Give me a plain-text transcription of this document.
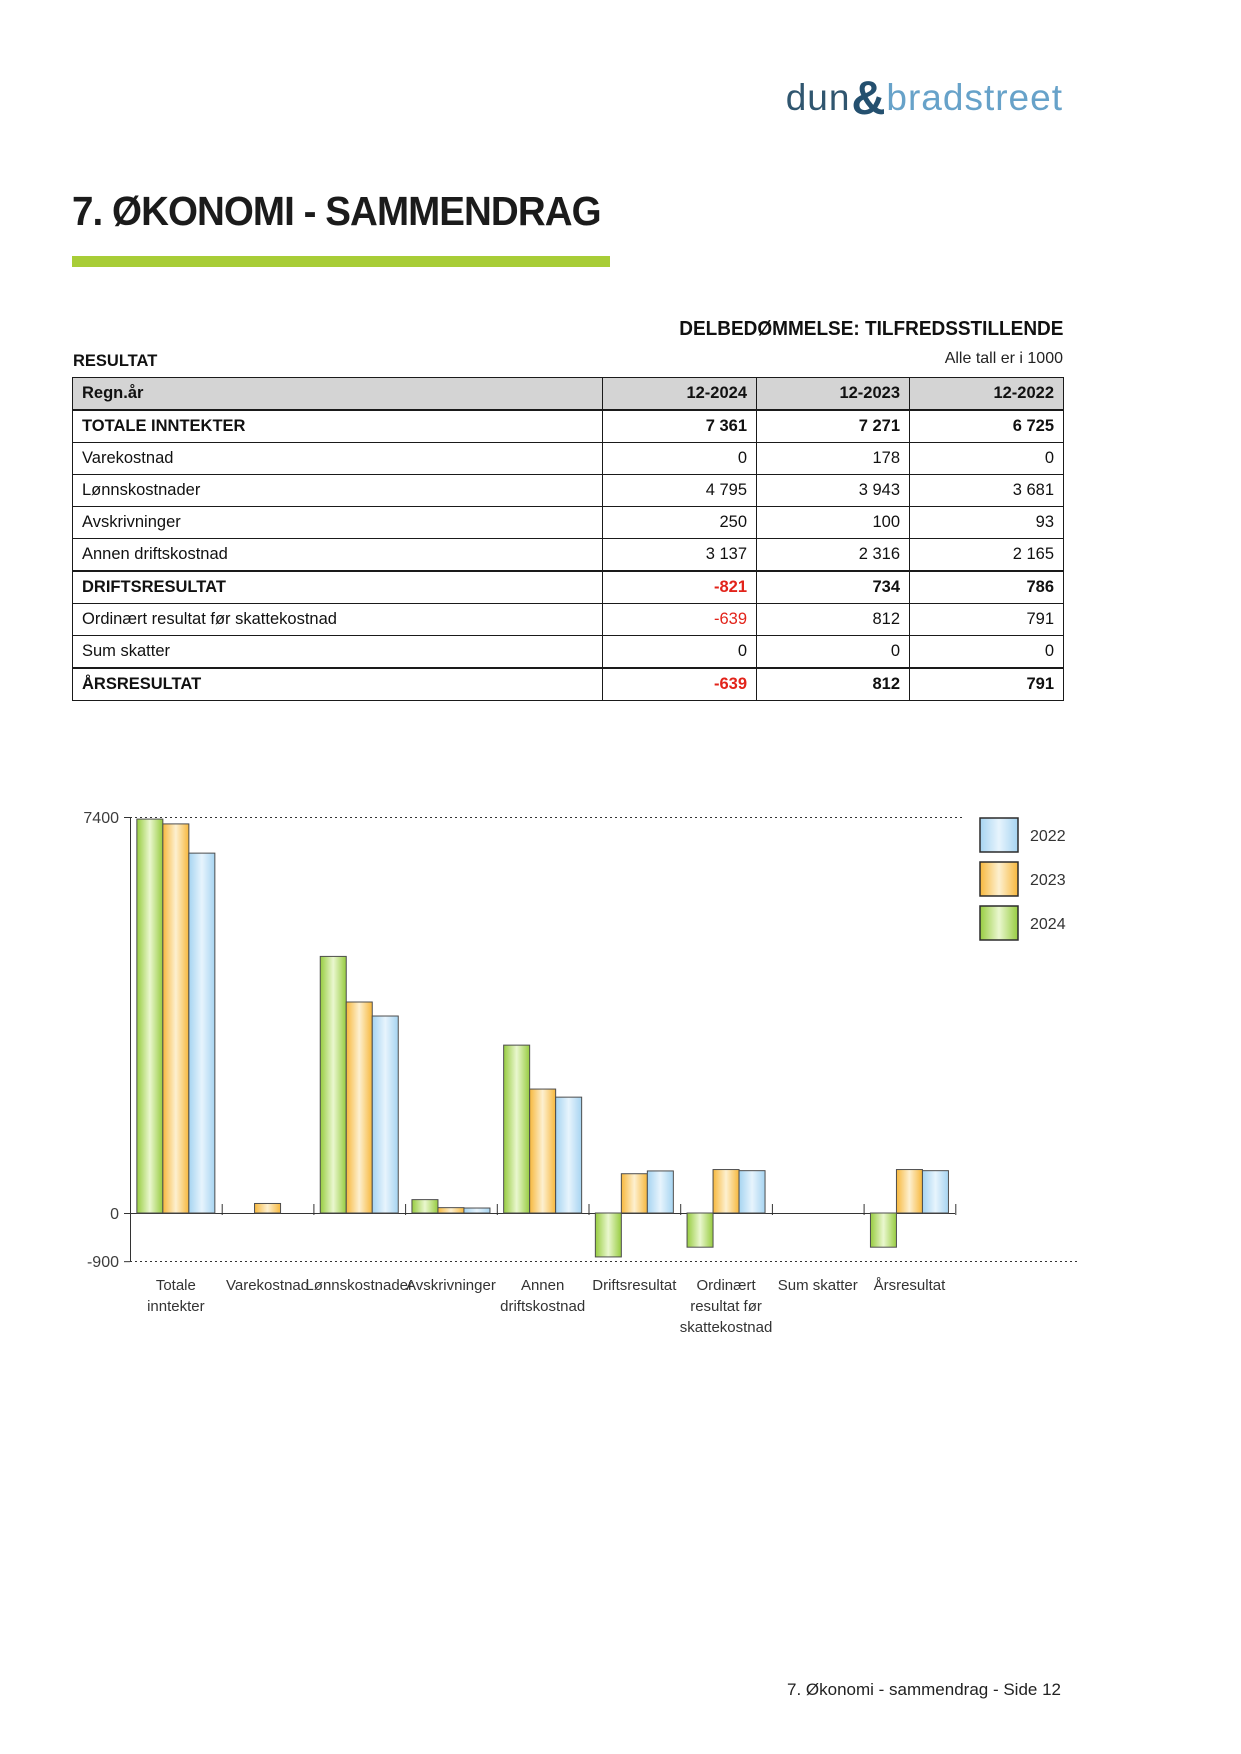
dun&bradstreet
7. ØKONOMI - SAMMENDRAG
DELBEDØMMELSE: TILFREDSSTILLENDE
RESULTAT	Alle tall er i 1000
Regn.år	12-2024	12-2023	12-2022
TOTALE INNTEKTER	7 361	7 271	6 725
Varekostnad	0	178	0
Lønnskostnader	4 795	3 943	3 681
Avskrivninger	250	100	93
Annen driftskostnad	3 137	2 316	2 165
DRIFTSRESULTAT	-821	734	786
Ordinært resultat før skattekostnad	-639	812	791
Sum skatter	0	0	0
ÅRSRESULTAT	-639	812	791
7400
0
-900
Totale
inntekter
Varekostnad
Lønnskostnader
Avskrivninger Annen
driftskostnad
Driftsresultat Ordinært
resultat før
skattekostnad
Sum skatter Årsresultat
2022
2023
2024
7. Økonomi - sammendrag - Side 12
